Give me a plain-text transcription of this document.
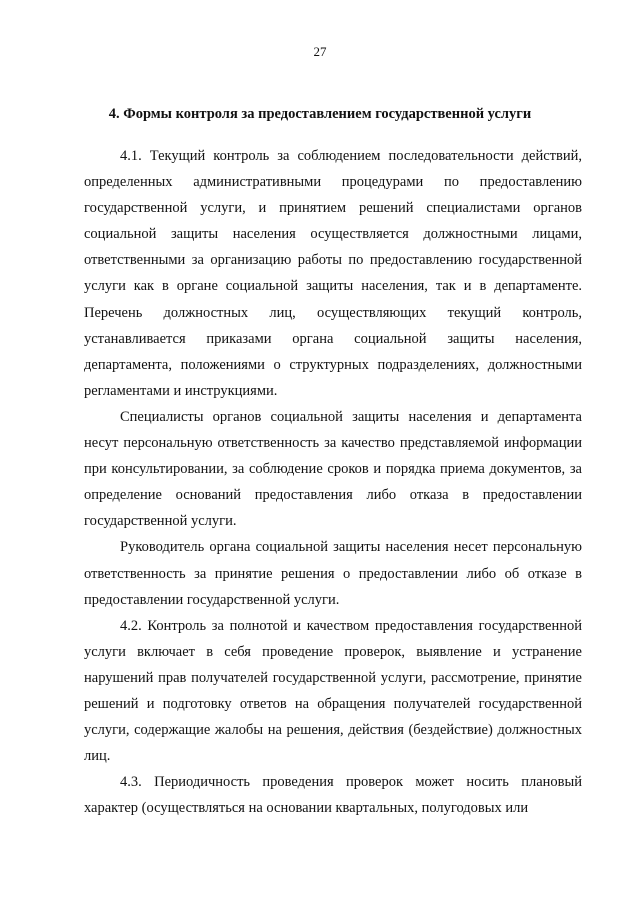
27
4. Формы контроля за предоставлением государственной услуги

4.1. Текущий контроль за соблюдением последовательности действий, определенных административными процедурами по предоставлению государственной услуги, и принятием решений специалистами органов социальной защиты населения осуществляется должностными лицами, ответственными за организацию работы по предоставлению государственной услуги как в органе социальной защиты населения, так и в департаменте. Перечень должностных лиц, осуществляющих текущий контроль, устанавливается приказами органа социальной защиты населения, департамента, положениями о структурных подразделениях, должностными регламентами и инструкциями.

Специалисты органов социальной защиты населения и департамента несут персональную ответственность за качество представляемой информации при консультировании, за соблюдение сроков и порядка приема документов, за определение оснований предоставления либо отказа в предоставлении государственной услуги.

Руководитель органа социальной защиты населения несет персональную ответственность за принятие решения о предоставлении либо об отказе в предоставлении государственной услуги.

4.2. Контроль за полнотой и качеством предоставления государственной услуги включает в себя проведение проверок, выявление и устранение нарушений прав получателей государственной услуги, рассмотрение, принятие решений и подготовку ответов на обращения получателей государственной услуги, содержащие жалобы на решения, действия (бездействие) должностных лиц.

4.3. Периодичность проведения проверок может носить плановый характер (осуществляться на основании квартальных, полугодовых или
